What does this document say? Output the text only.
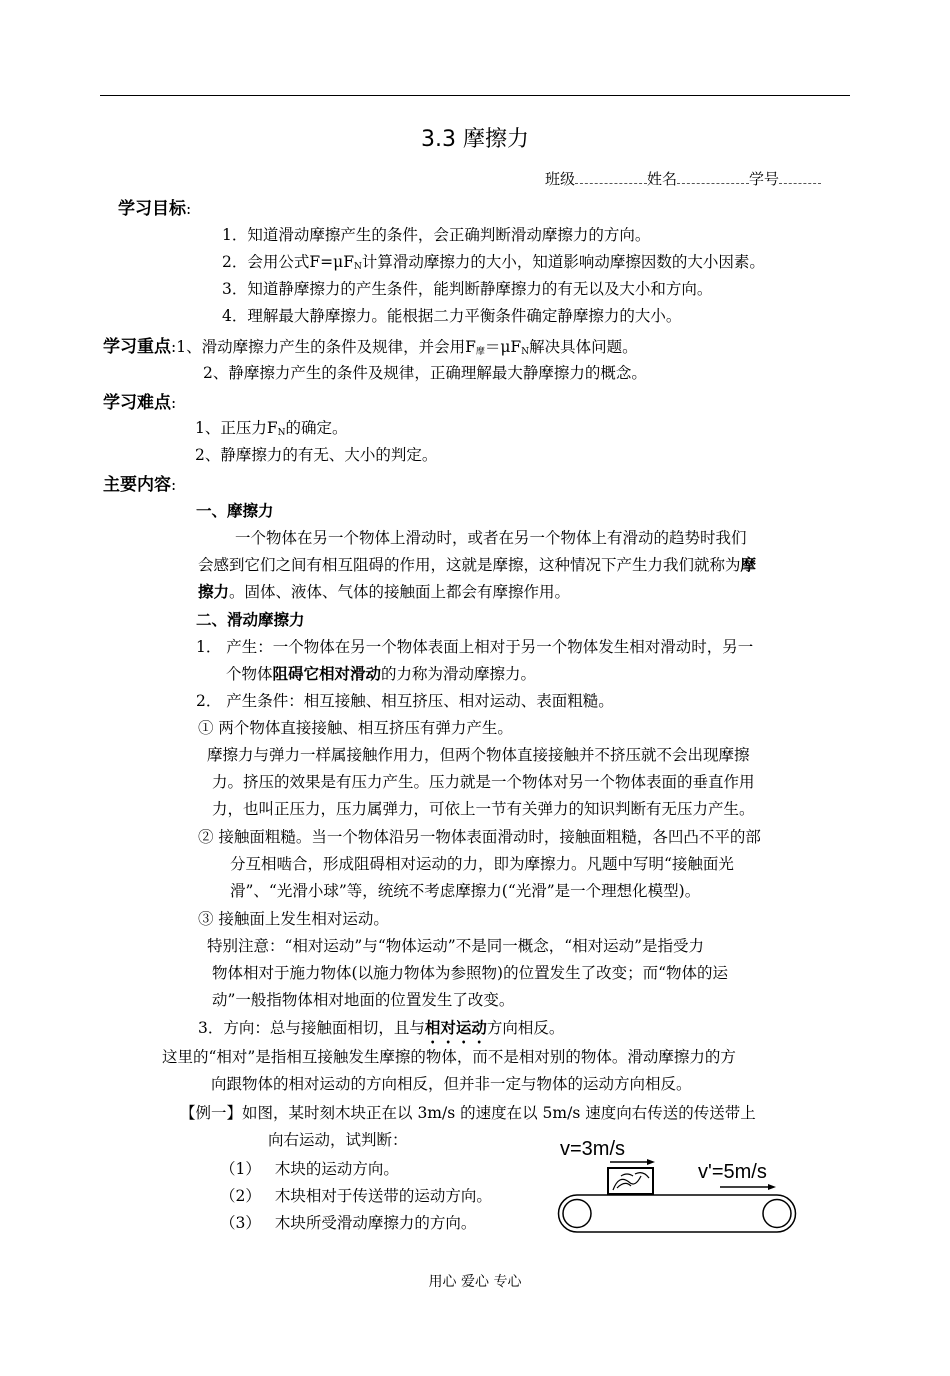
3.3 摩擦力
班级	姓名	学号
学习目标:
1．知道滑动摩擦产生的条件，会正确判断滑动摩擦力的方向。
2．会用公式$F=\mu F_N$计算滑动摩擦力的大小，知道影响动摩擦因数的大小因素。
3．知道静摩擦力的产生条件，能判断静摩擦力的有无以及大小和方向。
4．理解最大静摩擦力。能根据二力平衡条件确定静摩擦力的大小。
学习重点:1、滑动摩擦力产生的条件及规律，并会用$F_摩=\mu F_N$解决具体问题。
2、静摩擦力产生的条件及规律，正确理解最大静摩擦力的概念。
学习难点:
1、正压力$F_N$的确定。
2、静摩擦力的有无、大小的判定。
主要内容:
一、摩擦力
一个物体在另一个物体上滑动时，或者在另一个物体上有滑动的趋势时我们
会感到它们之间有相互阻碍的作用，这就是摩擦，这种情况下产生力我们就称为摩
擦力。固体、液体、气体的接触面上都会有摩擦作用。
二、滑动摩擦力
1． 产生：一个物体在另一个物体表面上相对于另一个物体发生相对滑动时，另一
个物体阻碍它相对滑动的力称为滑动摩擦力。
2． 产生条件：相互接触、相互挤压、相对运动、表面粗糙。
① 两个物体直接接触、相互挤压有弹力产生。
摩擦力与弹力一样属接触作用力，但两个物体直接接触并不挤压就不会出现摩擦
力。挤压的效果是有压力产生。压力就是一个物体对另一个物体表面的垂直作用
力，也叫正压力，压力属弹力，可依上一节有关弹力的知识判断有无压力产生。
② 接触面粗糙。当一个物体沿另一物体表面滑动时，接触面粗糙，各凹凸不平的部
分互相啮合，形成阻碍相对运动的力，即为摩擦力。凡题中写明“接触面光
滑”、“光滑小球”等，统统不考虑摩擦力(“光滑”是一个理想化模型)。
③ 接触面上发生相对运动。
特别注意：“相对运动”与“物体运动”不是同一概念，“相对运动”是指受力
物体相对于施力物体(以施力物体为参照物)的位置发生了改变；而“物体的运
动”一般指物体相对地面的位置发生了改变。
3．方向：总与接触面相切，且与相对运动方向相反。
这里的“相对”是指相互接触发生摩擦的物体，而不是相对别的物体。滑动摩擦力的方
向跟物体的相对运动的方向相反，但并非一定与物体的运动方向相反。
【例一】如图，某时刻木块正在以 3m/s 的速度在以 5m/s 速度向右传送的传送带上
向右运动，试判断：
（1） 木块的运动方向。
（2） 木块相对于传送带的运动方向。
（3） 木块所受滑动摩擦力的方向。
v=3m/s
v'=5m/s
用心 爱心 专心
